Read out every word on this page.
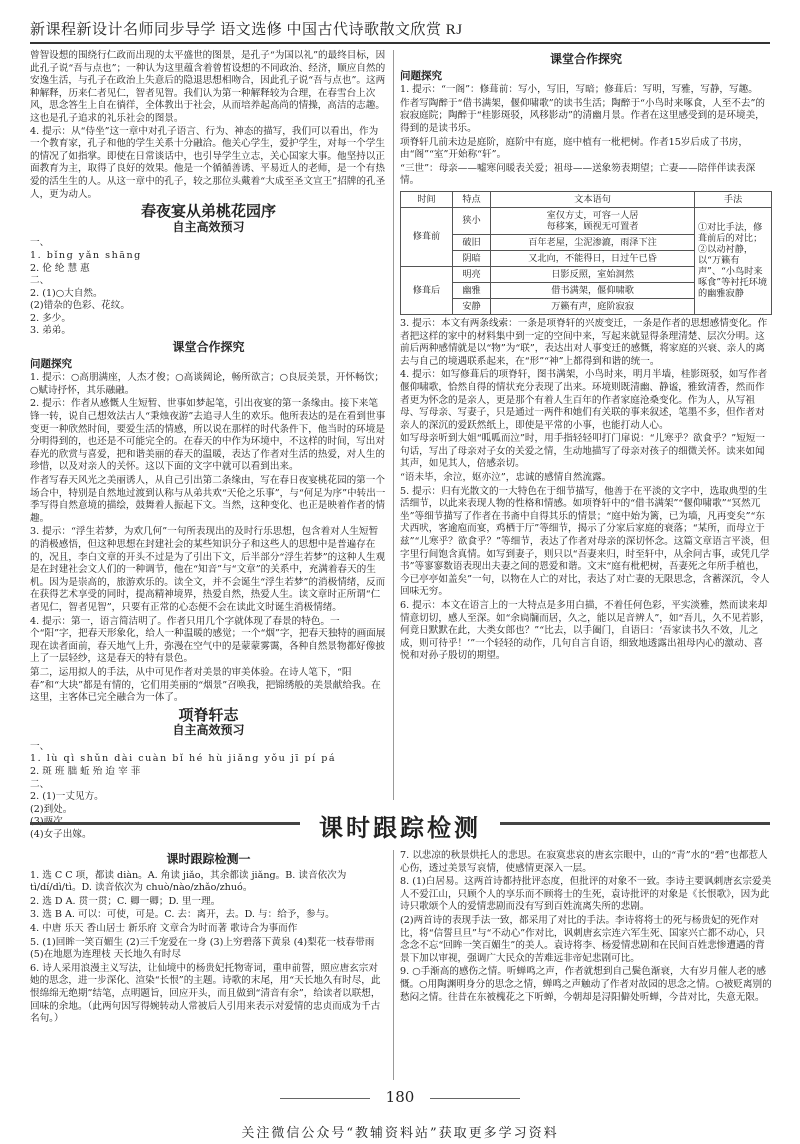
新课程新设计名师同步导学 语文选修 中国古代诗歌散文欣赏 RJ

曾智设想的围绕行仁政而出现的太平盛世的图景，是孔子“为国以礼”的最终目标，因此孔子说“吾与点也”；一种认为这里蕴含着曾皙设想的不同政治、经济，顺应自然的安逸生活，与孔子在政治上失意后的隐退思想相吻合，因此孔子说“吾与点也”。这两种解释，历来仁者见仁，智者见智。我们认为第一种解释较为合理，在春雪台上次风，思念答生上自在徜徉，全体教出于社会，从而培养起高尚的情操，高洁的志趣。这也是孔子追求的礼乐社会的图景。

4. 提示：从“侍坐”这一章中对孔子语言、行为、神态的描写，我们可以看出，作为一个教育家，孔子和他的学生关系十分融洽。他关心学生，爱护学生，对每一个学生的情况了如指掌。即使在日常谈话中，也引导学生立志，关心国家大事。他坚持以正面教育为主，取得了良好的效果。他是一个循循善诱、平易近人的老师，是一个有热爱的活生生的人。从这一章中的孔子，较之那位头戴着“大成至圣文宣王”招牌的孔圣人，更为动人。

春夜宴从弟桃花园序
自主高效预习

一、

1. bǐng yǎn shāng

2. 伦 纶 慧 惠

二、

2. (1)○大自然。

(2)错杂的色彩、花纹。

2. 多少。

3. 弟弟。

课堂合作探究
问题探究

1. 提示：○高朋满座，人杰才俊；○高谈阔论，畅所欲言；○良辰美景，开怀畅饮；○赋诗抒怀，其乐融融。

2. 提示：作者从感慨人生短暂、世事如梦起笔，引出夜宴的第一条缘由。接下来笔锋一转，说自己想效法古人“秉烛夜游”去追寻人生的欢乐。他所表达的是在看到世事变更一种欣然时间，要爱生活的情感，所以说在那样的时代条件下，他当时的环境是分明得到的，也还是不可能完全的。在春天的中作为环境中，不这样的时间，写出对春光的欣赏与喜爱，把和谐美丽的春天的温暖，表达了作者对生活的热爱，对人生的珍惜，以及对亲人的关怀。这以下面的文字中就可以看到出来。

作者写春天风光之美丽诱人，从自己引出第二条缘由，写在春日夜宴桃花园的第一个场合中，特别是自然地过渡到认称与从弟共欢“天伦之乐事”，与“何足为序”中转出一季写得自然意境的描绘，鼓舞着人振起下文。当然，这种变化、也正是映着作者的情趣。

3. 提示：“浮生若梦，为欢几何”一句所表现出的及时行乐思想，包含着对人生短暂的消极感悟，但这种思想在封建社会的某些知识分子和这些人的思想中是普遍存在的，况且，李白文章的开头不过是为了引出下文，后半部分“浮生若梦”的这种人生观是在封建社会文人们的一种调节，他在“知音”与“文章”的关系中，充满着春天的生机。因为是崇高的，旅游欢乐的。读全文，并不会诞生“浮生若梦”的消极情绪，反而在获得艺术享受的同时，提高精神境界，热爱自然，热爱人生。读文章时正所谓“仁者见仁，智者见智”，只要有正常的心态便不会在读此文时诞生消极情绪。

4. 提示：第一，语言简洁明了。作者只用几个字就体现了春景的特色。一个“阳”字，把春天形象化，给人一种温暖的感觉；一个“烟”字，把春天独特的画面展现在读者面前，春天地气上升，弥漫在空气中的是蒙蒙雾霭，各种自然景物都好像披上了一层轻纱，这是春天的特有景色。

第二，运用拟人的手法，从中可见作者对美景的审美体验。在诗人笔下，“阳春”和“大块”都是有情的，它们用美丽的“烟景”召唤我，把锦绣般的美景献给我。在这里，主客体已完全融合为一体了。

项脊轩志
自主高效预习

一、

1. lù qì shǔn dài cuàn bǐ hé hù jiǎng yǒu jī pí pá

2. 斑 班 朏 蚯 殆 迨 宰 菲

二、

2. (1)一丈见方。

(2)到处。

(4)女子出嫁。

课堂合作探究
问题探究

1. 提示：“一阁”：修葺前：写小，写旧，写暗；修葺后：写明，写雅，写静，写趣。

作者写陶醉于“借书满架，偃仰啸歌”的读书生活；陶醉于“小鸟时来啄食，人至不去”的寂寂庭院；陶醉于“桂影斑驳，风移影动”的清幽月景。作者在这里感受到的是环境美，得到的是读书乐。

项脊轩几前未边是庭阶，庭阶中有庭，庭中植有一枇杷树。作者15岁后成了书房，由“阁”“室”开始称“轩”。

“三世”：母亲——嘘寒问暖表关爱；祖母——送象笏表期望；亡妻——陪伴伴读表深情。

时间	特点	文本语句	手法
修葺前	狭小	室仅方丈，可容一人居
每移案，顾视无可置者	①对比手法，修葺前后的对比；②以动衬静，以“万籁有声”、“小鸟时来啄食”等衬托环境的幽雅寂静
	破旧	百年老屋，尘泥渗漉，雨泽下注	
	阴暗	又北向，不能得日，日过午已昏	
修葺后	明亮	日影反照，室始洞然	
	幽雅	借书满架，偃仰啸歌	
	安静	万籁有声，庭阶寂寂	

3. 提示：本文有两条线索：一条是项脊轩的兴废变迁，一条是作者的思想感情变化。作者把这样的家中的材料集中到一定的空间中来，写起来就显得条理清楚、层次分明。这前后两种感情就是以“物”为“联”，表达出对人事变迁的感慨，将家庭的兴衰、亲人的离去与自己的境遇联系起来，在“形”“神”上都得到和谐的统一。

4. 提示：如写修葺后的项脊轩，图书满架，小鸟时来，明月半墙，桂影斑驳，如写作者偃仰啸歌，恰然自得的情状充分表现了出来。环境则既清幽、静谧，雅致清香，然而作者更为怀念的是亲人，更是那个有着人生百年的作者家庭沧桑变化。作为人，从写祖母、写母亲、写妻子，只是通过一两件和她们有关联的事来叙述，笔墨不多，但作者对亲人的深沉的爱跃然纸上，即使是平常的小事，也能打动人心。

如写母亲听到大姐“呱呱而泣”时，用手指轻轻叩打门扉说：“儿寒乎？欲食乎？”短短一句话，写出了母亲对子女的关爱之情，生动地描写了母亲对孩子的细微关怀。读来如闻其声，如见其人，倍感亲切。

“语未毕，余泣，妪亦泣”，忠诚的感情自然流露。

5. 提示：归有光散文的一大特色在于细节描写，他善于在平淡的文字中，选取典型的生活细节，以此来表现人物的性格和情感。如项脊轩中的“借书满架”“偃仰啸歌”“冥然兀坐”等细节描写了作者在书斋中自得其乐的情景；“庭中始为篱，已为墙，凡再变矣”“东犬西吠，客逾庖而宴，鸡栖于厅”等细节，揭示了分家后家庭的衰落；“某所，而母立于兹”“儿寒乎？欲食乎？”等细节，表达了作者对母亲的深切怀念。这篇文章语言平淡，但字里行间饱含真情。如写到妻子，则只以“吾妻来归，时至轩中，从余问古事，或凭几学书”等寥寥数语表现出夫妻之间的恩爱和谐。文末“庭有枇杷树，吾妻死之年所手植也，今已亭亭如盖矣”一句，以物在人亡的对比，表达了对亡妻的无限思念，含蓄深沉，令人回味无穷。

6. 提示：本文在语言上的一大特点是多用白描，不着任何色彩，平实淡雅，然而读来却情意切切，感人至深。如“余扃牖而居，久之，能以足音辨人”，如“吾儿，久不见若影，何竟日默默在此，大类女郎也？”“比去，以手阖门，自语曰：‘吾家读书久不效，儿之成，则可待乎！’”一个轻轻的动作，几句自言自语，细致地透露出祖母内心的激动、喜悦和对孙子殷切的期望。

课时跟踪检测
课时跟踪检测一

1. 选 C C 项，都读 diàn。A. 角读 jiǎo，其余都读 jiǎng。B. 读音依次为 tì/dí/dì/tì。D. 读音依次为 chuò/nào/zhǎo/zhuó。

2. 选 D A. 贯一贯；C. 卿一卿；D. 里一理。

3. 选 B A. 可以：可使，可是。C. 去：离开，去。D. 与：给予，参与。

4. 中唐 乐天 香山居士 新乐府 文章合为时而著 歌诗合为事而作

5. (1)回眸一笑百媚生 (2)三千宠爱在一身 (3)上穷碧落下黄泉 (4)梨花一枝春带雨 (5)在地愿为连理枝 天长地久有时尽

6. 诗人采用浪漫主义写法，让仙境中的杨贵妃托物寄词，重申前誓，照应唐玄宗对她的思念，进一步深化、渲染“长恨”的主题。诗歌的末尾，用“天长地久有时尽，此恨绵绵无绝期”结笔，点明题旨，回应开头，而且做到“清音有余”，给读者以联想，回味的余地。（此两句因写得婉转动人常被后人引用来表示对爱情的忠贞而成为千古名句。）

7. 以悲凉的秋景烘托人的悲思。在寂寞悲哀的唐玄宗眼中，山的“青”水的“碧”也都惹人心伤，透过美景写哀情，使感情更深入一层。

8. (1)白居易。这两首诗都持批评态度，但批评的对象不一致。李诗主要讽刺唐玄宗爱美人不爱江山，只顾个人的享乐而不顾将士的生死，袁诗批评的对象是《长恨歌》，因为此诗只歌颂个人的爱情悲剧而没有写到百姓流离失所的悲剧。

(2)两首诗的表现手法一致，都采用了对比的手法。李诗将将士的死与杨贵妃的死作对比，将“信誓旦旦”与“不动心”作对比，讽刺唐玄宗连六军生死、国家兴亡都不动心，只念念不忘“回眸一笑百媚生”的美人。袁诗将李、杨爱情悲剧和在民间百姓悲惨遭遇的背景下加以审视，强调广大民众的苦难远非帝妃悲剧可比。

9. ○手渐高的感伤之情。听蝉鸣之声，作者就想到自己鬓色渐衰，大有岁月催人老的感慨。○用陶渊明身分的思念之情，蝉鸣之声触动了作者对故园的思念之情。○被贬离别的愁闷之情。往昔在东被槐花之下听蝉，今朝却是浔阳僻处听蝉，今昔对比，失意无限。

180
关注微信公众号“教辅资料站”获取更多学习资料
